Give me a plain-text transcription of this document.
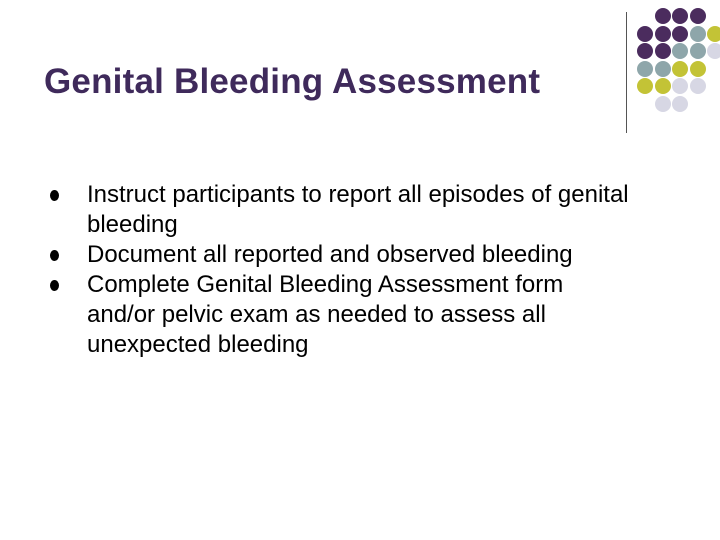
Genital Bleeding Assessment
Instruct participants to report all episodes of genital bleeding
Document all reported and observed bleeding
Complete Genital Bleeding Assessment form and/or pelvic exam as needed to assess all unexpected bleeding
